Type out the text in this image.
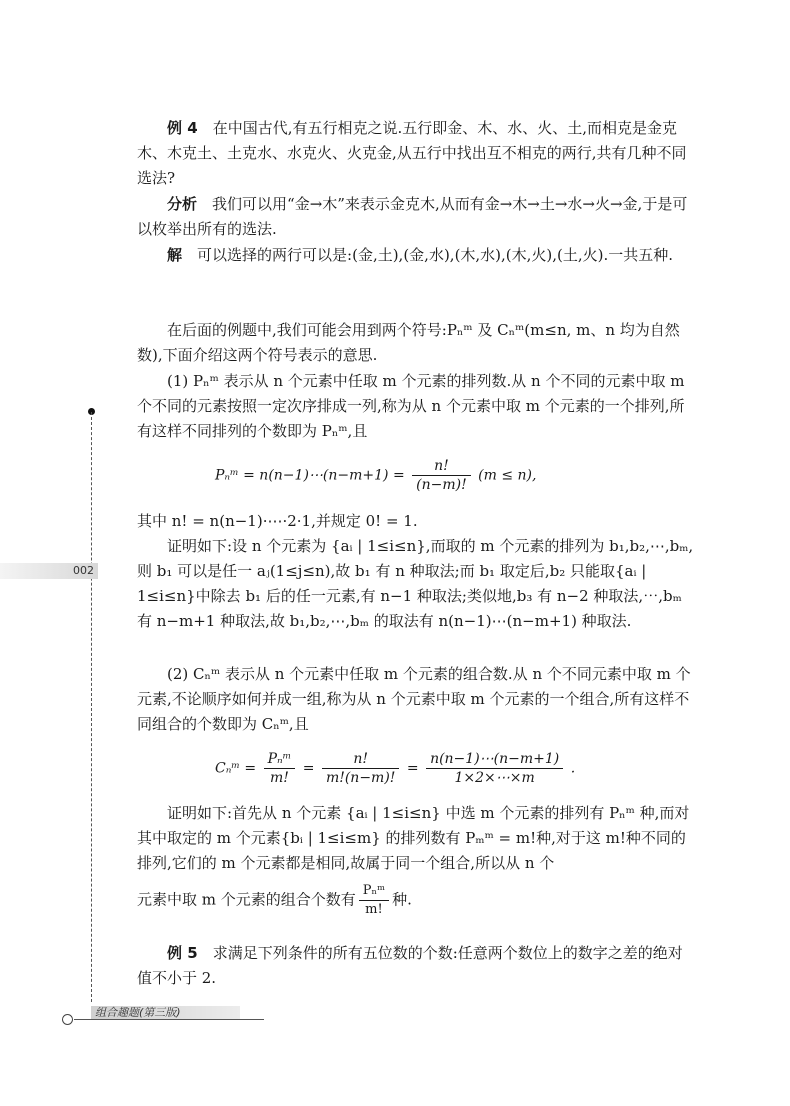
例 4　 在中国古代,有五行相克之说.五行即金、木、水、火、土,而相克是金克木、木克土、土克水、水克火、火克金,从五行中找出互不相克的两行,共有几种不同选法?

分析　 我们可以用“金→木”来表示金克木,从而有金→木→土→水→火→金,于是可以枚举出所有的选法.

解　 可以选择的两行可以是:(金,土),(金,水),(木,水),(木,火),(土,火).一共五种.

在后面的例题中,我们可能会用到两个符号:Pₙᵐ 及 Cₙᵐ(m≤n, m、n 均为自然数),下面介绍这两个符号表示的意思.

(1) Pₙᵐ 表示从 n 个元素中任取 m 个元素的排列数.从 n 个不同的元素中取 m 个不同的元素按照一定次序排成一列,称为从 n 个元素中取 m 个元素的一个排列,所有这样不同排列的个数即为 Pₙᵐ,且

Pₙᵐ = n(n−1)⋯(n−m+1) = $\frac{n!}{(n-m)!} (m \le n)$,

其中 n! = n(n−1)·⋯·2·1,并规定 0! = 1.

证明如下:设 n 个元素为 {aᵢ | 1≤i≤n},而取的 m 个元素的排列为 b₁,b₂,⋯,bₘ,则 b₁ 可以是任一 aⱼ(1≤j≤n),故 b₁ 有 n 种取法;而 b₁ 取定后,b₂ 只能取{aᵢ | 1≤i≤n}中除去 b₁ 后的任一元素,有 n−1 种取法;类似地,b₃ 有 n−2 种取法,⋯,bₘ 有 n−m+1 种取法,故 b₁,b₂,⋯,bₘ 的取法有 n(n−1)⋯(n−m+1) 种取法.

(2) Cₙᵐ 表示从 n 个元素中任取 m 个元素的组合数.从 n 个不同元素中取 m 个元素,不论顺序如何并成一组,称为从 n 个元素中取 m 个元素的一个组合,所有这样不同组合的个数即为 Cₙᵐ,且

Cₙᵐ = $\frac{\text{Pₙᵐ}}{m!} = \frac{n!}{m!(n-m)!} = \frac{n(n-1)\cdots(n-m+1)}{1\times 2\times\cdots\times m}$ .

证明如下:首先从 n 个元素 {aᵢ | 1≤i≤n} 中选 m 个元素的排列有 Pₙᵐ 种,而对其中取定的 m 个元素{bᵢ | 1≤i≤m} 的排列数有 Pₘᵐ = m!种,对于这 m!种不同的排列,它们的 m 个元素都是相同,故属于同一个组合,所以从 n 个

元素中取 m 个元素的组合个数有 $\frac{\text{Pₙᵐ}}{m!}$ 种.

例 5　 求满足下列条件的所有五位数的个数:任意两个数位上的数字之差的绝对值不小于 2.

002
组合趣题(第三版)
